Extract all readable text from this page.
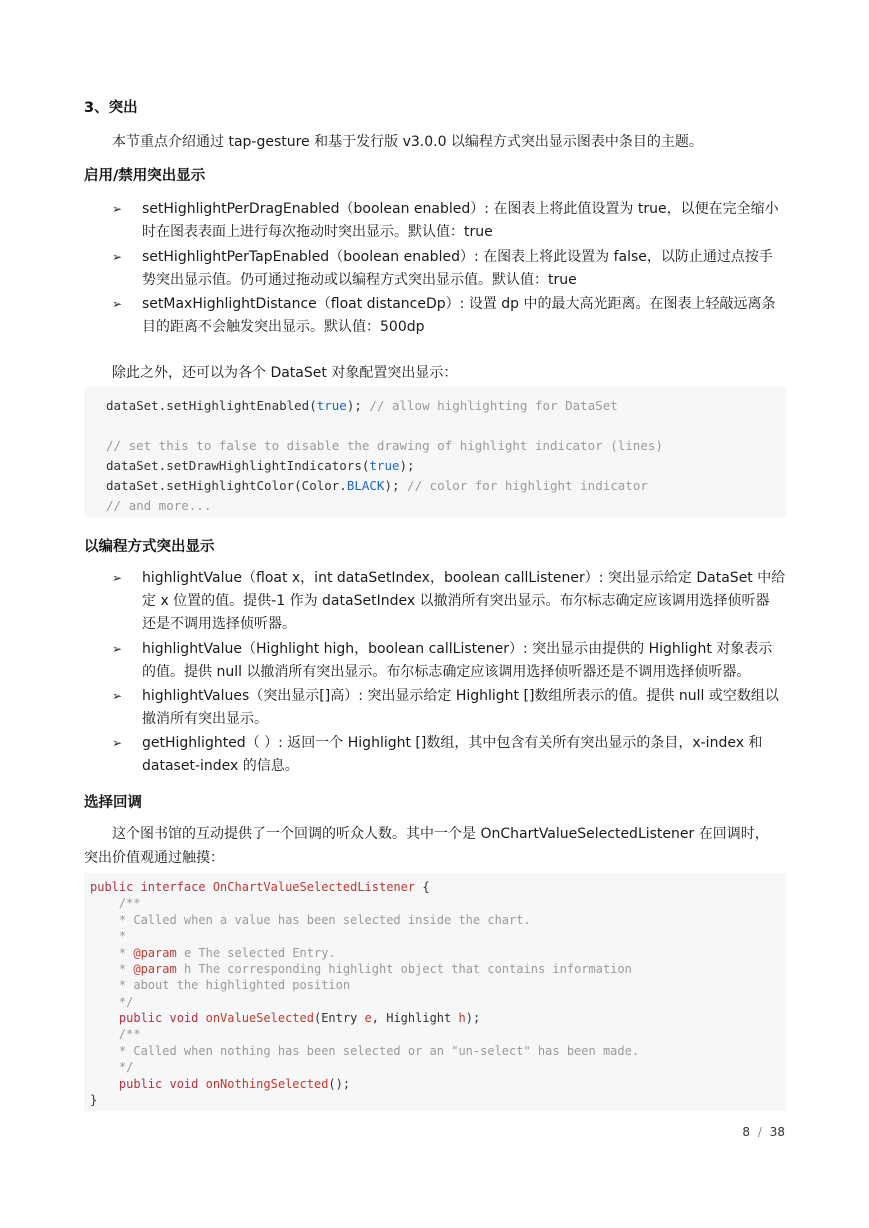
3、突出
本节重点介绍通过 tap-gesture 和基于发行版 v3.0.0 以编程方式突出显示图表中条目的主题。
启用/禁用突出显示
➢ setHighlightPerDragEnabled（boolean enabled）: 在图表上将此值设置为 true，以便在完全缩小
时在图表表面上进行每次拖动时突出显示。默认值：true
➢ setHighlightPerTapEnabled（boolean enabled）: 在图表上将此设置为 false，以防止通过点按手
势突出显示值。仍可通过拖动或以编程方式突出显示值。默认值：true
➢ setMaxHighlightDistance（float distanceDp）: 设置 dp 中的最大高光距离。在图表上轻敲远离条
目的距离不会触发突出显示。默认值：500dp
除此之外，还可以为各个 DataSet 对象配置突出显示：
dataSet.setHighlightEnabled(true); // allow highlighting for DataSet
// set this to false to disable the drawing of highlight indicator (lines)
dataSet.setDrawHighlightIndicators(true);
dataSet.setHighlightColor(Color.BLACK); // color for highlight indicator
// and more...
以编程方式突出显示
➢ highlightValue（float x，int dataSetIndex，boolean callListener）: 突出显示给定 DataSet 中给
定 x 位置的值。提供-1 作为 dataSetIndex 以撤消所有突出显示。布尔标志确定应该调用选择侦听器
还是不调用选择侦听器。
➢ highlightValue（Highlight high，boolean callListener）: 突出显示由提供的 Highlight 对象表示
的值。提供 null 以撤消所有突出显示。布尔标志确定应该调用选择侦听器还是不调用选择侦听器。
➢ highlightValues（突出显示[]高）: 突出显示给定 Highlight []数组所表示的值。提供 null 或空数组以
撤消所有突出显示。
➢ getHighlighted（ ）: 返回一个 Highlight []数组，其中包含有关所有突出显示的条目，x-index 和
dataset-index 的信息。
选择回调
这个图书馆的互动提供了一个回调的听众人数。其中一个是 OnChartValueSelectedListener 在回调时，
突出价值观通过触摸：
public interface OnChartValueSelectedListener {
/**
* Called when a value has been selected inside the chart.
*
* @param e The selected Entry.
* @param h The corresponding highlight object that contains information
* about the highlighted position
*/
public void onValueSelected(Entry e, Highlight h);
/**
* Called when nothing has been selected or an "un-select" has been made.
*/
public void onNothingSelected();
}
8 / 38
